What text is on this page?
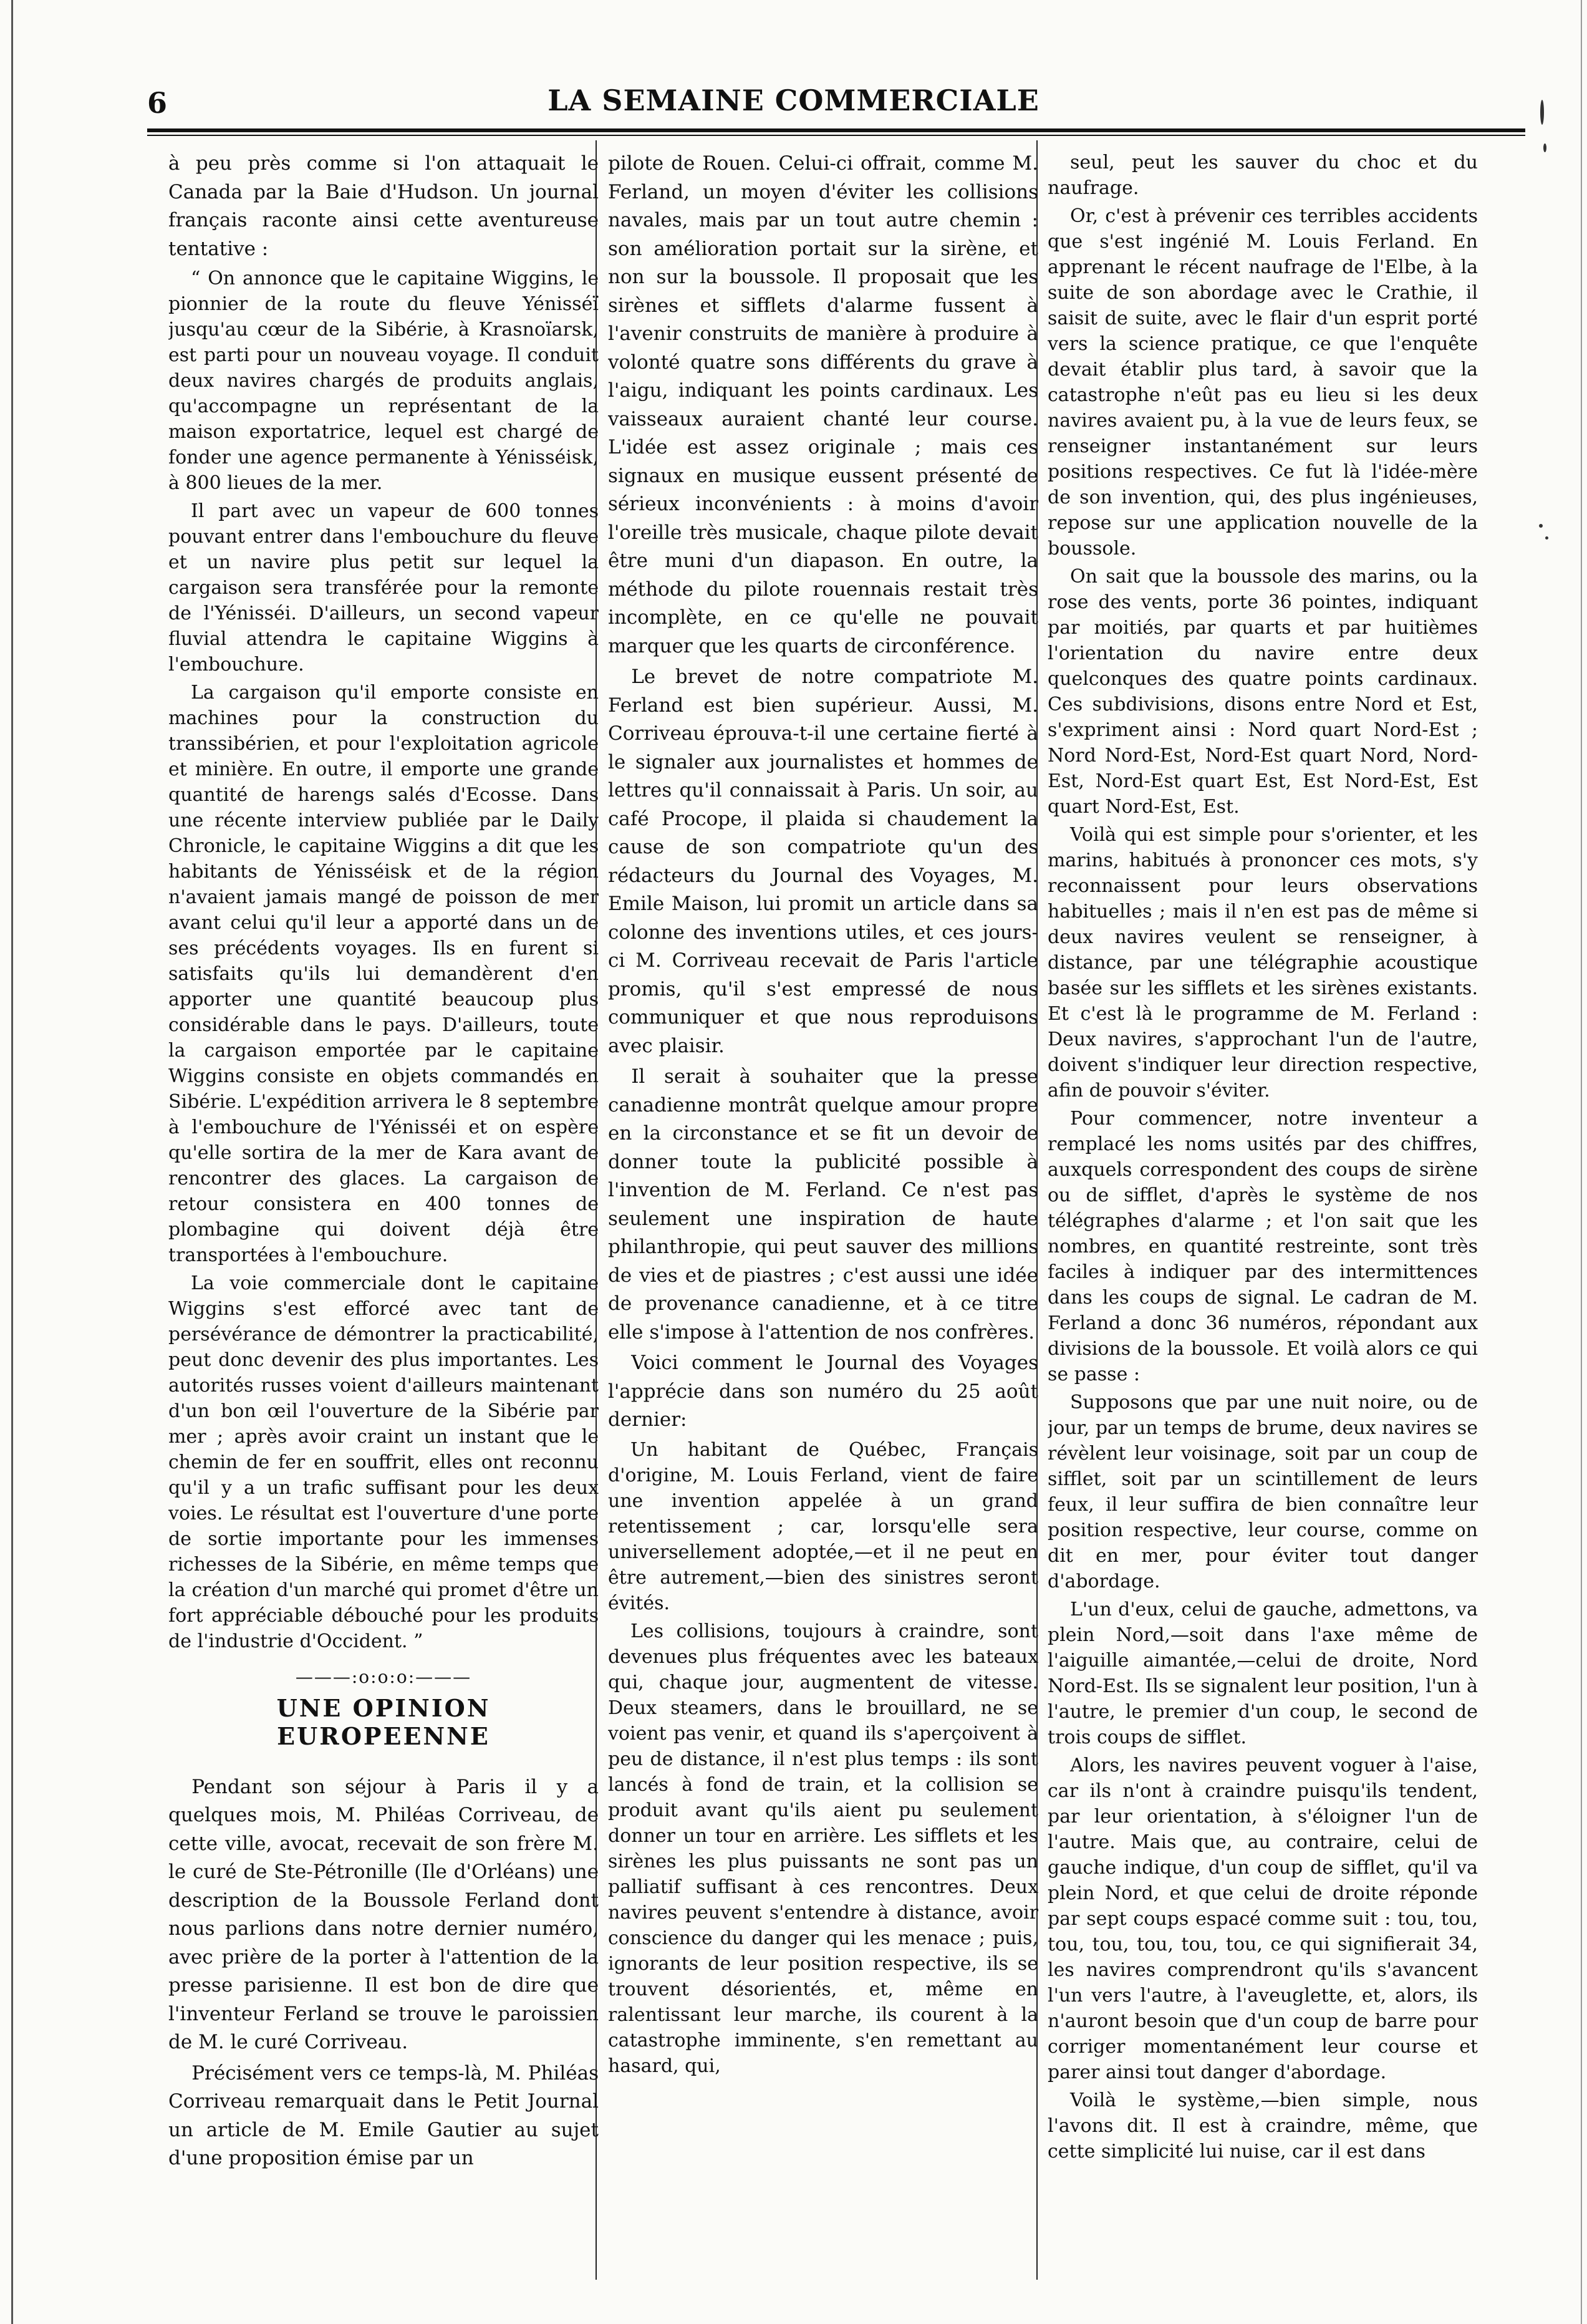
6	LA SEMAINE COMMERCIALE

à peu près comme si l'on attaquait le Canada par la Baie d'Hudson. Un journal français raconte ainsi cette aventureuse tentative :

“ On annonce que le capitaine Wiggins, le pionnier de la route du fleuve Yénisséï jusqu'au cœur de la Sibérie, à Krasnoïarsk, est parti pour un nouveau voyage. Il conduit deux navires chargés de produits anglais, qu'accompagne un représentant de la maison exportatrice, lequel est chargé de fonder une agence permanente à Yénisséisk, à 800 lieues de la mer.

Il part avec un vapeur de 600 tonnes pouvant entrer dans l'embouchure du fleuve et un navire plus petit sur lequel la cargaison sera transférée pour la remonte de l'Yénisséi. D'ailleurs, un second vapeur fluvial attendra le capitaine Wiggins à l'embouchure.

La cargaison qu'il emporte consiste en machines pour la construction du transsibérien, et pour l'exploitation agricole et minière. En outre, il emporte une grande quantité de harengs salés d'Ecosse. Dans une récente interview publiée par le Daily Chronicle, le capitaine Wiggins a dit que les habitants de Yénisséisk et de la région n'avaient jamais mangé de poisson de mer avant celui qu'il leur a apporté dans un de ses précédents voyages. Ils en furent si satisfaits qu'ils lui demandèrent d'en apporter une quantité beaucoup plus considérable dans le pays. D'ailleurs, toute la cargaison emportée par le capitaine Wiggins consiste en objets commandés en Sibérie. L'expédition arrivera le 8 septembre à l'embouchure de l'Yénisséi et on espère qu'elle sortira de la mer de Kara avant de rencontrer des glaces. La cargaison de retour consistera en 400 tonnes de plombagine qui doivent déjà être transportées à l'embouchure.

La voie commerciale dont le capitaine Wiggins s'est efforcé avec tant de persévérance de démontrer la practicabilité, peut donc devenir des plus importantes. Les autorités russes voient d'ailleurs maintenant d'un bon œil l'ouverture de la Sibérie par mer ; après avoir craint un instant que le chemin de fer en souffrit, elles ont reconnu qu'il y a un trafic suffisant pour les deux voies. Le résultat est l'ouverture d'une porte de sortie importante pour les immenses richesses de la Sibérie, en même temps que la création d'un marché qui promet d'être un fort appréciable débouché pour les produits de l'industrie d'Occident. ”

———:o:o:o:———
UNE OPINION EUROPEENNE

Pendant son séjour à Paris il y a quelques mois, M. Philéas Corriveau, de cette ville, avocat, recevait de son frère M. le curé de Ste-Pétronille (Ile d'Orléans) une description de la Boussole Ferland dont nous parlions dans notre dernier numéro, avec prière de la porter à l'attention de la presse parisienne. Il est bon de dire que l'inventeur Ferland se trouve le paroissien de M. le curé Corriveau.

Précisément vers ce temps-là, M. Philéas Corriveau remarquait dans le Petit Journal un article de M. Emile Gautier au sujet d'une proposition émise par un

pilote de Rouen. Celui-ci offrait, comme M. Ferland, un moyen d'éviter les collisions navales, mais par un tout autre chemin : son amélioration portait sur la sirène, et non sur la boussole. Il proposait que les sirènes et sifflets d'alarme fussent à l'avenir construits de manière à produire à volonté quatre sons différents du grave à l'aigu, indiquant les points cardinaux. Les vaisseaux auraient chanté leur course. L'idée est assez originale ; mais ces signaux en musique eussent présenté de sérieux inconvénients : à moins d'avoir l'oreille très musicale, chaque pilote devait être muni d'un diapason. En outre, la méthode du pilote rouennais restait très incomplète, en ce qu'elle ne pouvait marquer que les quarts de circonférence.

Le brevet de notre compatriote M. Ferland est bien supérieur. Aussi, M. Corriveau éprouva-t-il une certaine fierté à le signaler aux journalistes et hommes de lettres qu'il connaissait à Paris. Un soir, au café Procope, il plaida si chaudement la cause de son compatriote qu'un des rédacteurs du Journal des Voyages, M. Emile Maison, lui promit un article dans sa colonne des inventions utiles, et ces jours-ci M. Corriveau recevait de Paris l'article promis, qu'il s'est empressé de nous communiquer et que nous reproduisons avec plaisir.

Il serait à souhaiter que la presse canadienne montrât quelque amour propre en la circonstance et se fit un devoir de donner toute la publicité possible à l'invention de M. Ferland. Ce n'est pas seulement une inspiration de haute philanthropie, qui peut sauver des millions de vies et de piastres ; c'est aussi une idée de provenance canadienne, et à ce titre elle s'impose à l'attention de nos confrères.

Voici comment le Journal des Voyages l'apprécie dans son numéro du 25 août dernier:

Un habitant de Québec, Français d'origine, M. Louis Ferland, vient de faire une invention appelée à un grand retentissement ; car, lorsqu'elle sera universellement adoptée,—et il ne peut en être autrement,—bien des sinistres seront évités.

Les collisions, toujours à craindre, sont devenues plus fréquentes avec les bateaux qui, chaque jour, augmentent de vitesse. Deux steamers, dans le brouillard, ne se voient pas venir, et quand ils s'aperçoivent à peu de distance, il n'est plus temps : ils sont lancés à fond de train, et la collision se produit avant qu'ils aient pu seulement donner un tour en arrière. Les sifflets et les sirènes les plus puissants ne sont pas un palliatif suffisant à ces rencontres. Deux navires peuvent s'entendre à distance, avoir conscience du danger qui les menace ; puis, ignorants de leur position respective, ils se trouvent désorientés, et, même en ralentissant leur marche, ils courent à la catastrophe imminente, s'en remettant au hasard, qui,

seul, peut les sauver du choc et du naufrage.

Or, c'est à prévenir ces terribles accidents que s'est ingénié M. Louis Ferland. En apprenant le récent naufrage de l'Elbe, à la suite de son abordage avec le Crathie, il saisit de suite, avec le flair d'un esprit porté vers la science pratique, ce que l'enquête devait établir plus tard, à savoir que la catastrophe n'eût pas eu lieu si les deux navires avaient pu, à la vue de leurs feux, se renseigner instantanément sur leurs positions respectives. Ce fut là l'idée-mère de son invention, qui, des plus ingénieuses, repose sur une application nouvelle de la boussole.

On sait que la boussole des marins, ou la rose des vents, porte 36 pointes, indiquant par moitiés, par quarts et par huitièmes l'orientation du navire entre deux quelconques des quatre points cardinaux. Ces subdivisions, disons entre Nord et Est, s'expriment ainsi : Nord quart Nord-Est ; Nord Nord-Est, Nord-Est quart Nord, Nord-Est, Nord-Est quart Est, Est Nord-Est, Est quart Nord-Est, Est.

Voilà qui est simple pour s'orienter, et les marins, habitués à prononcer ces mots, s'y reconnaissent pour leurs observations habituelles ; mais il n'en est pas de même si deux navires veulent se renseigner, à distance, par une télégraphie acoustique basée sur les sifflets et les sirènes existants. Et c'est là le programme de M. Ferland : Deux navires, s'approchant l'un de l'autre, doivent s'indiquer leur direction respective, afin de pouvoir s'éviter.

Pour commencer, notre inventeur a remplacé les noms usités par des chiffres, auxquels correspondent des coups de sirène ou de sifflet, d'après le système de nos télégraphes d'alarme ; et l'on sait que les nombres, en quantité restreinte, sont très faciles à indiquer par des intermittences dans les coups de signal. Le cadran de M. Ferland a donc 36 numéros, répondant aux divisions de la boussole. Et voilà alors ce qui se passe :

Supposons que par une nuit noire, ou de jour, par un temps de brume, deux navires se révèlent leur voisinage, soit par un coup de sifflet, soit par un scintillement de leurs feux, il leur suffira de bien connaître leur position respective, leur course, comme on dit en mer, pour éviter tout danger d'abordage.

L'un d'eux, celui de gauche, admettons, va plein Nord,—soit dans l'axe même de l'aiguille aimantée,—celui de droite, Nord Nord-Est. Ils se signalent leur position, l'un à l'autre, le premier d'un coup, le second de trois coups de sifflet.

Alors, les navires peuvent voguer à l'aise, car ils n'ont à craindre puisqu'ils tendent, par leur orientation, à s'éloigner l'un de l'autre. Mais que, au contraire, celui de gauche indique, d'un coup de sifflet, qu'il va plein Nord, et que celui de droite réponde par sept coups espacé comme suit : tou, tou, tou, tou, tou, tou, tou, ce qui signifierait 34, les navires comprendront qu'ils s'avancent l'un vers l'autre, à l'aveuglette, et, alors, ils n'auront besoin que d'un coup de barre pour corriger momentanément leur course et parer ainsi tout danger d'abordage.

Voilà le système,—bien simple, nous l'avons dit. Il est à craindre, même, que cette simplicité lui nuise, car il est dans
